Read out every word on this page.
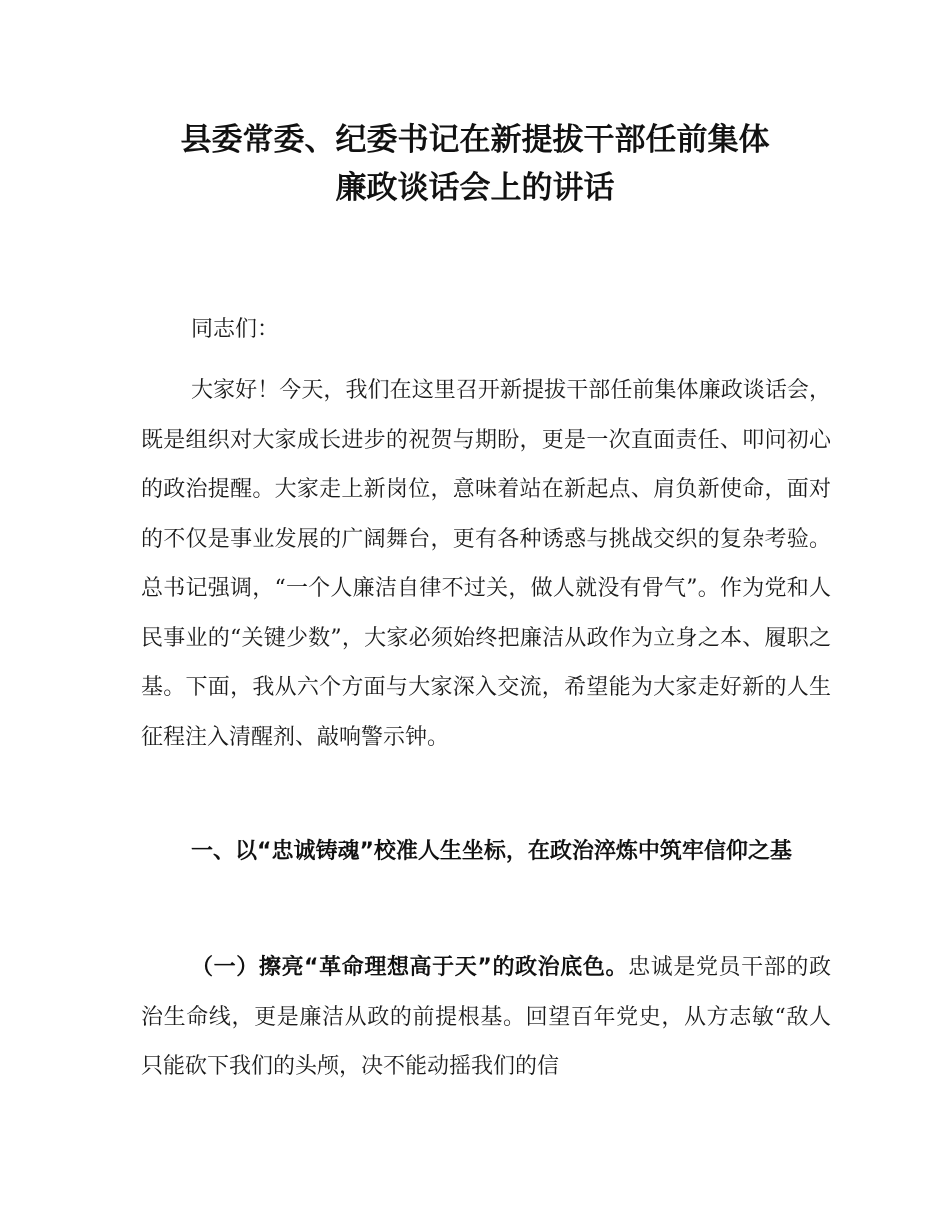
县委常委、纪委书记在新提拔干部任前集体
廉政谈话会上的讲话

同志们：

大家好！今天，我们在这里召开新提拔干部任前集体廉政谈话会，既是组织对大家成长进步的祝贺与期盼，更是一次直面责任、叩问初心的政治提醒。大家走上新岗位，意味着站在新起点、肩负新使命，面对的不仅是事业发展的广阔舞台，更有各种诱惑与挑战交织的复杂考验。总书记强调，“一个人廉洁自律不过关，做人就没有骨气”。作为党和人民事业的“关键少数”，大家必须始终把廉洁从政作为立身之本、履职之基。下面，我从六个方面与大家深入交流，希望能为大家走好新的人生征程注入清醒剂、敲响警示钟。

一、以“忠诚铸魂”校准人生坐标，在政治淬炼中筑牢信仰之基

（一）擦亮“革命理想高于天”的政治底色。忠诚是党员干部的政治生命线，更是廉洁从政的前提根基。回望百年党史，从方志敏“敌人只能砍下我们的头颅，决不能动摇我们的信
